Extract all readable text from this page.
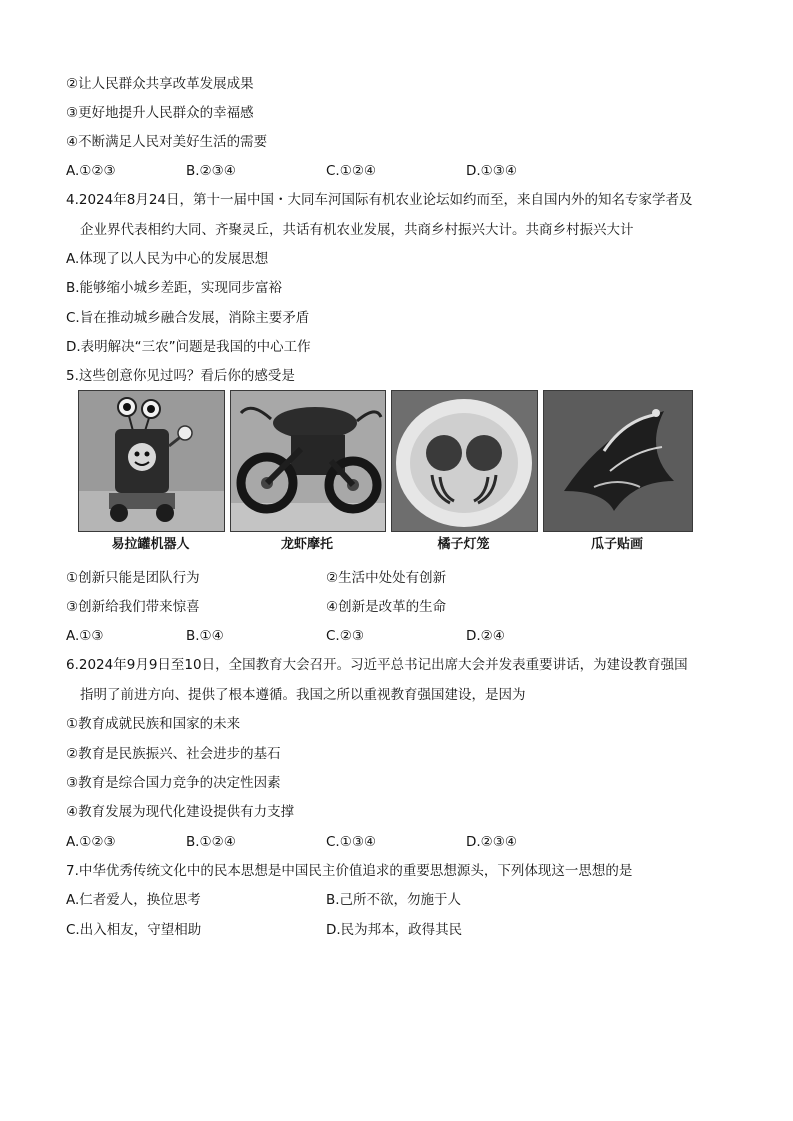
②让人民群众共享改革发展成果
③更好地提升人民群众的幸福感
④不断满足人民对美好生活的需要
A.①②③	B.②③④	C.①②④	D.①③④
4.2024年8月24日，第十一届中国・大同车河国际有机农业论坛如约而至，来自国内外的知名专家学者及
企业界代表相约大同、齐聚灵丘，共话有机农业发展，共商乡村振兴大计。共商乡村振兴大计
A.体现了以人民为中心的发展思想
B.能够缩小城乡差距，实现同步富裕
C.旨在推动城乡融合发展，消除主要矛盾
D.表明解决“三农”问题是我国的中心工作
5.这些创意你见过吗？看后你的感受是
易拉罐机器人	龙虾摩托	橘子灯笼	瓜子贴画
①创新只能是团队行为	②生活中处处有创新
③创新给我们带来惊喜	④创新是改革的生命
A.①③	B.①④	C.②③	D.②④
6.2024年9月9日至10日，全国教育大会召开。习近平总书记出席大会并发表重要讲话，为建设教育强国
指明了前进方向、提供了根本遵循。我国之所以重视教育强国建设，是因为
①教育成就民族和国家的未来
②教育是民族振兴、社会进步的基石
③教育是综合国力竞争的决定性因素
④教育发展为现代化建设提供有力支撑
A.①②③	B.①②④	C.①③④	D.②③④
7.中华优秀传统文化中的民本思想是中国民主价值追求的重要思想源头，下列体现这一思想的是
A.仁者爱人，换位思考	B.己所不欲，勿施于人
C.出入相友，守望相助	D.民为邦本，政得其民
